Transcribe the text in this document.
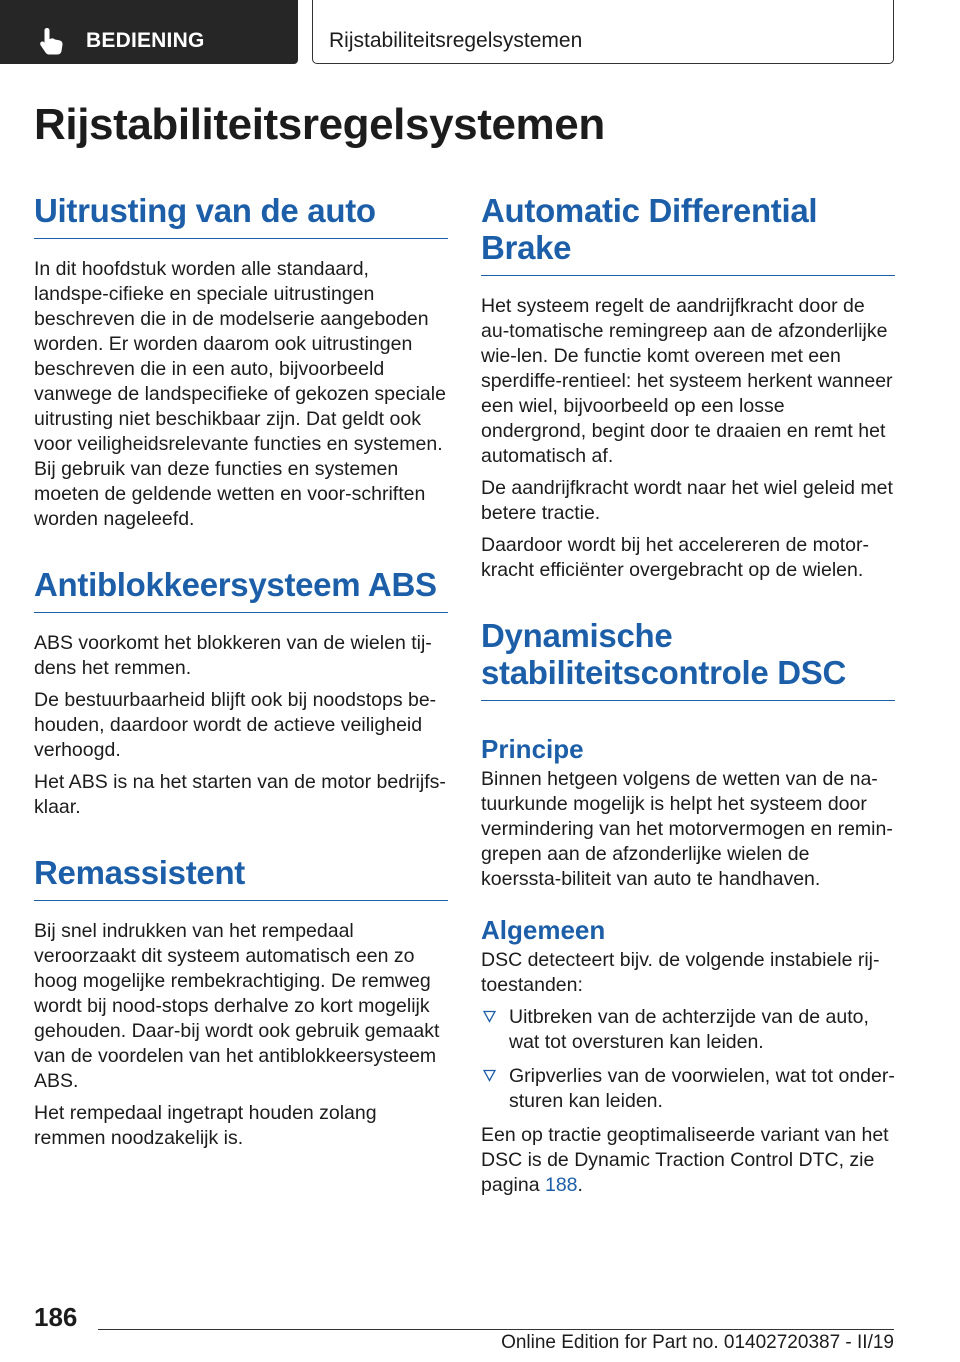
BEDIENING	Rijstabiliteitsregelsystemen
Rijstabiliteitsregelsystemen
Uitrusting van de auto

In dit hoofdstuk worden alle standaard, landspe-cifieke en speciale uitrustingen beschreven die in de modelserie aangeboden worden. Er worden daarom ook uitrustingen beschreven die in een auto, bijvoorbeeld vanwege de landspecifieke of gekozen speciale uitrusting niet beschikbaar zijn. Dat geldt ook voor veiligheidsrelevante functies en systemen. Bij gebruik van deze functies en systemen moeten de geldende wetten en voor-schriften worden nageleefd.

Antiblokkeersysteem ABS

ABS voorkomt het blokkeren van de wielen tij-dens het remmen.

De bestuurbaarheid blijft ook bij noodstops be-houden, daardoor wordt de actieve veiligheid verhoogd.

Het ABS is na het starten van de motor bedrijfs-klaar.

Remassistent

Bij snel indrukken van het rempedaal veroorzaakt dit systeem automatisch een zo hoog mogelijke rembekrachtiging. De remweg wordt bij nood-stops derhalve zo kort mogelijk gehouden. Daar-bij wordt ook gebruik gemaakt van de voordelen van het antiblokkeersysteem ABS.

Het rempedaal ingetrapt houden zolang remmen noodzakelijk is.

Automatic Differential Brake

Het systeem regelt de aandrijfkracht door de au-tomatische remingreep aan de afzonderlijke wie-len. De functie komt overeen met een sperdiffe-rentieel: het systeem herkent wanneer een wiel, bijvoorbeeld op een losse ondergrond, begint door te draaien en remt het automatisch af.

De aandrijfkracht wordt naar het wiel geleid met betere tractie.

Daardoor wordt bij het accelereren de motor-kracht efficiënter overgebracht op de wielen.

Dynamische stabiliteitscontrole DSC
Principe

Binnen hetgeen volgens de wetten van de na-tuurkunde mogelijk is helpt het systeem door vermindering van het motorvermogen en remin-grepen aan de afzonderlijke wielen de koerssta-biliteit van auto te handhaven.

Algemeen

DSC detecteert bijv. de volgende instabiele rij-toestanden:

Uitbreken van de achterzijde van de auto, wat tot oversturen kan leiden.
Gripverlies van de voorwielen, wat tot onder-sturen kan leiden.

Een op tractie geoptimaliseerde variant van het DSC is de Dynamic Traction Control DTC, zie pagina 188.

186
Online Edition for Part no. 01402720387 - II/19
